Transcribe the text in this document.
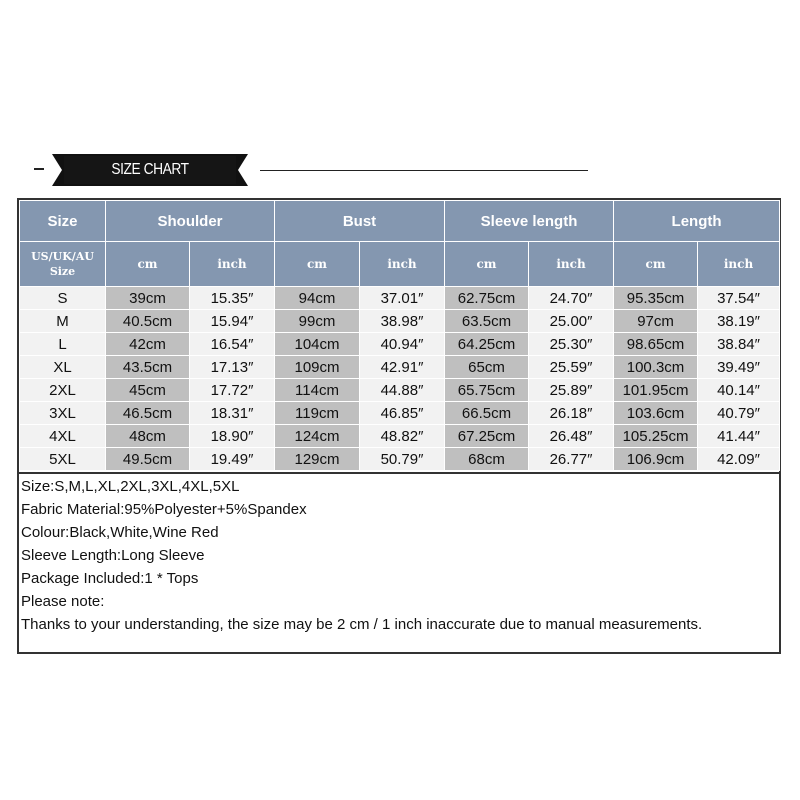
SIZE CHART
Size	Shoulder		Bust		Sleeve length		Length	
US/UK/AU
Size	cm	inch	cm	inch	cm	inch	cm	inch
S	39cm	15.35″	94cm	37.01″	62.75cm	24.70″	95.35cm	37.54″
M	40.5cm	15.94″	99cm	38.98″	63.5cm	25.00″	97cm	38.19″
L	42cm	16.54″	104cm	40.94″	64.25cm	25.30″	98.65cm	38.84″
XL	43.5cm	17.13″	109cm	42.91″	65cm	25.59″	100.3cm	39.49″
2XL	45cm	17.72″	114cm	44.88″	65.75cm	25.89″	101.95cm	40.14″
3XL	46.5cm	18.31″	119cm	46.85″	66.5cm	26.18″	103.6cm	40.79″
4XL	48cm	18.90″	124cm	48.82″	67.25cm	26.48″	105.25cm	41.44″
5XL	49.5cm	19.49″	129cm	50.79″	68cm	26.77″	106.9cm	42.09″
Size:S,M,L,XL,2XL,3XL,4XL,5XL
Fabric Material:95%Polyester+5%Spandex
Colour:Black,White,Wine Red
Sleeve Length:Long Sleeve
Package Included:1 * Tops
Please note:
Thanks to your understanding, the size may be 2 cm / 1 inch inaccurate due to manual measurements.
